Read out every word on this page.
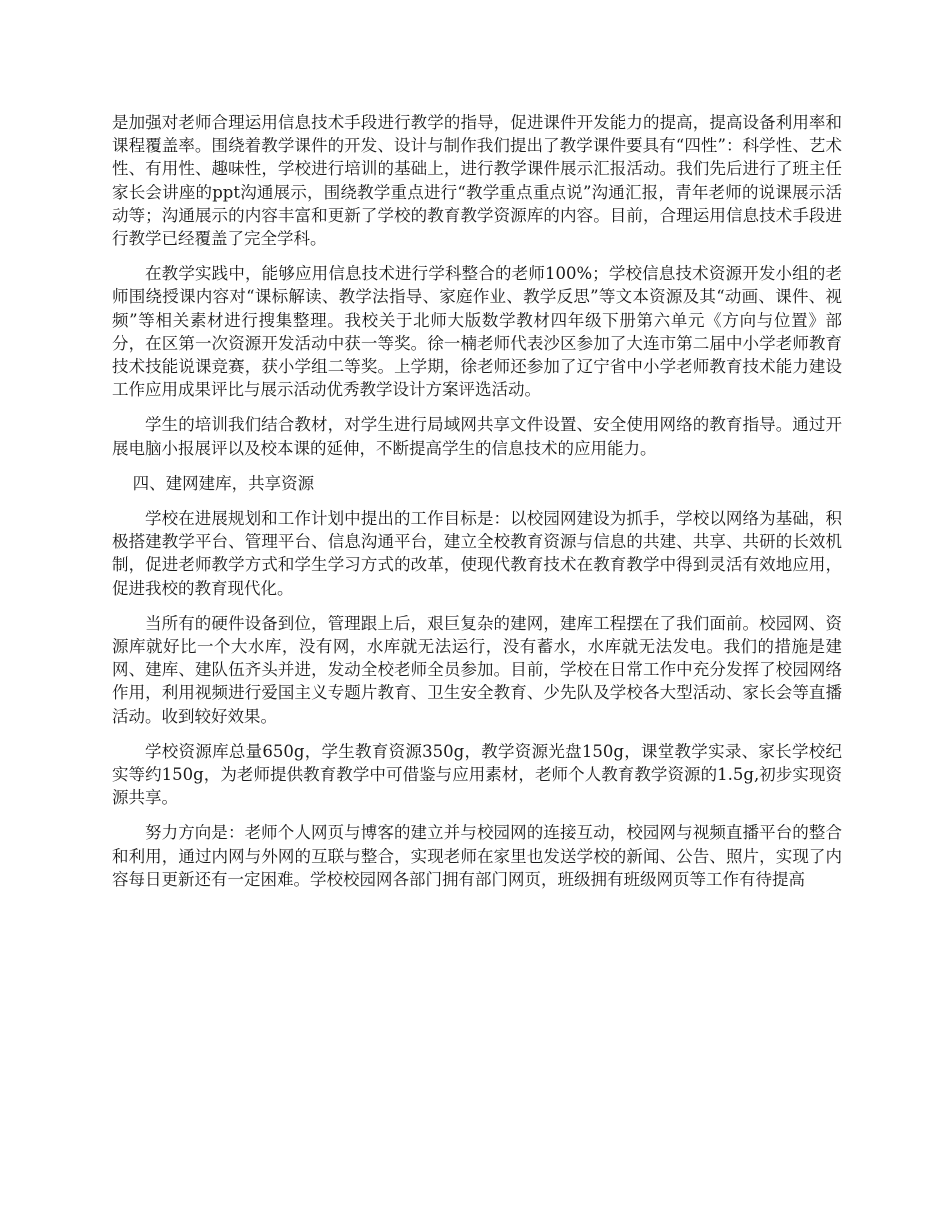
是加强对老师合理运用信息技术手段进行教学的指导，促进课件开发能力的提高，提高设备利用率和课程覆盖率。围绕着教学课件的开发、设计与制作我们提出了教学课件要具有“四性”：科学性、艺术性、有用性、趣味性，学校进行培训的基础上，进行教学课件展示汇报活动。我们先后进行了班主任家长会讲座的ppt沟通展示，围绕教学重点进行“教学重点重点说”沟通汇报，青年老师的说课展示活动等；沟通展示的内容丰富和更新了学校的教育教学资源库的内容。目前，合理运用信息技术手段进行教学已经覆盖了完全学科。

在教学实践中，能够应用信息技术进行学科整合的老师100%；学校信息技术资源开发小组的老师围绕授课内容对“课标解读、教学法指导、家庭作业、教学反思”等文本资源及其“动画、课件、视频”等相关素材进行搜集整理。我校关于北师大版数学教材四年级下册第六单元《方向与位置》部分，在区第一次资源开发活动中获一等奖。徐一楠老师代表沙区参加了大连市第二届中小学老师教育技术技能说课竞赛，获小学组二等奖。上学期，徐老师还参加了辽宁省中小学老师教育技术能力建设工作应用成果评比与展示活动优秀教学设计方案评选活动。

学生的培训我们结合教材，对学生进行局域网共享文件设置、安全使用网络的教育指导。通过开展电脑小报展评以及校本课的延伸，不断提高学生的信息技术的应用能力。

四、建网建库，共享资源

学校在进展规划和工作计划中提出的工作目标是：以校园网建设为抓手，学校以网络为基础，积极搭建教学平台、管理平台、信息沟通平台，建立全校教育资源与信息的共建、共享、共研的长效机制，促进老师教学方式和学生学习方式的改革，使现代教育技术在教育教学中得到灵活有效地应用，促进我校的教育现代化。

当所有的硬件设备到位，管理跟上后，艰巨复杂的建网，建库工程摆在了我们面前。校园网、资源库就好比一个大水库，没有网，水库就无法运行，没有蓄水，水库就无法发电。我们的措施是建网、建库、建队伍齐头并进，发动全校老师全员参加。目前，学校在日常工作中充分发挥了校园网络作用，利用视频进行爱国主义专题片教育、卫生安全教育、少先队及学校各大型活动、家长会等直播活动。收到较好效果。

学校资源库总量650g，学生教育资源350g，教学资源光盘150g，课堂教学实录、家长学校纪实等约150g，为老师提供教育教学中可借鉴与应用素材，老师个人教育教学资源的1.5g,初步实现资源共享。

努力方向是：老师个人网页与博客的建立并与校园网的连接互动，校园网与视频直播平台的整合和利用，通过内网与外网的互联与整合，实现老师在家里也发送学校的新闻、公告、照片，实现了内容每日更新还有一定困难。学校校园网各部门拥有部门网页，班级拥有班级网页等工作有待提高
